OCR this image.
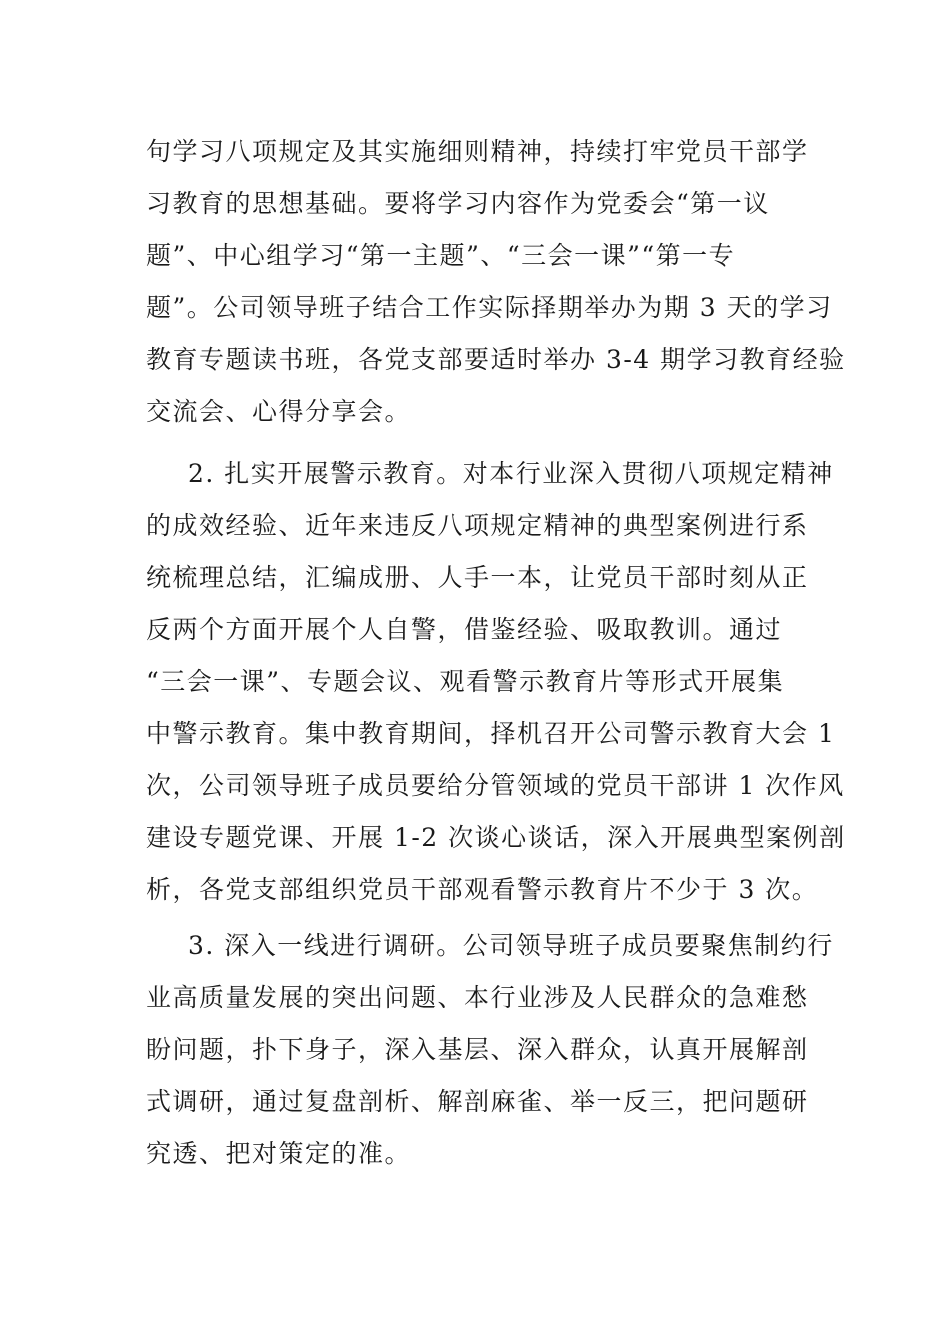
句学习八项规定及其实施细则精神，持续打牢党员干部学
习教育的思想基础。要将学习内容作为党委会“第一议
题”、中心组学习“第一主题”、“三会一课”“第一专
题”。公司领导班子结合工作实际择期举办为期 3 天的学习
教育专题读书班，各党支部要适时举办 3-4 期学习教育经验
交流会、心得分享会。
2. 扎实开展警示教育。对本行业深入贯彻八项规定精神
的成效经验、近年来违反八项规定精神的典型案例进行系
统梳理总结，汇编成册、人手一本，让党员干部时刻从正
反两个方面开展个人自警，借鉴经验、吸取教训。通过
“三会一课”、专题会议、观看警示教育片等形式开展集
中警示教育。集中教育期间，择机召开公司警示教育大会 1
次，公司领导班子成员要给分管领域的党员干部讲 1 次作风
建设专题党课、开展 1-2 次谈心谈话，深入开展典型案例剖
析，各党支部组织党员干部观看警示教育片不少于 3 次。
3. 深入一线进行调研。公司领导班子成员要聚焦制约行
业高质量发展的突出问题、本行业涉及人民群众的急难愁
盼问题，扑下身子，深入基层、深入群众，认真开展解剖
式调研，通过复盘剖析、解剖麻雀、举一反三，把问题研
究透、把对策定的准。
